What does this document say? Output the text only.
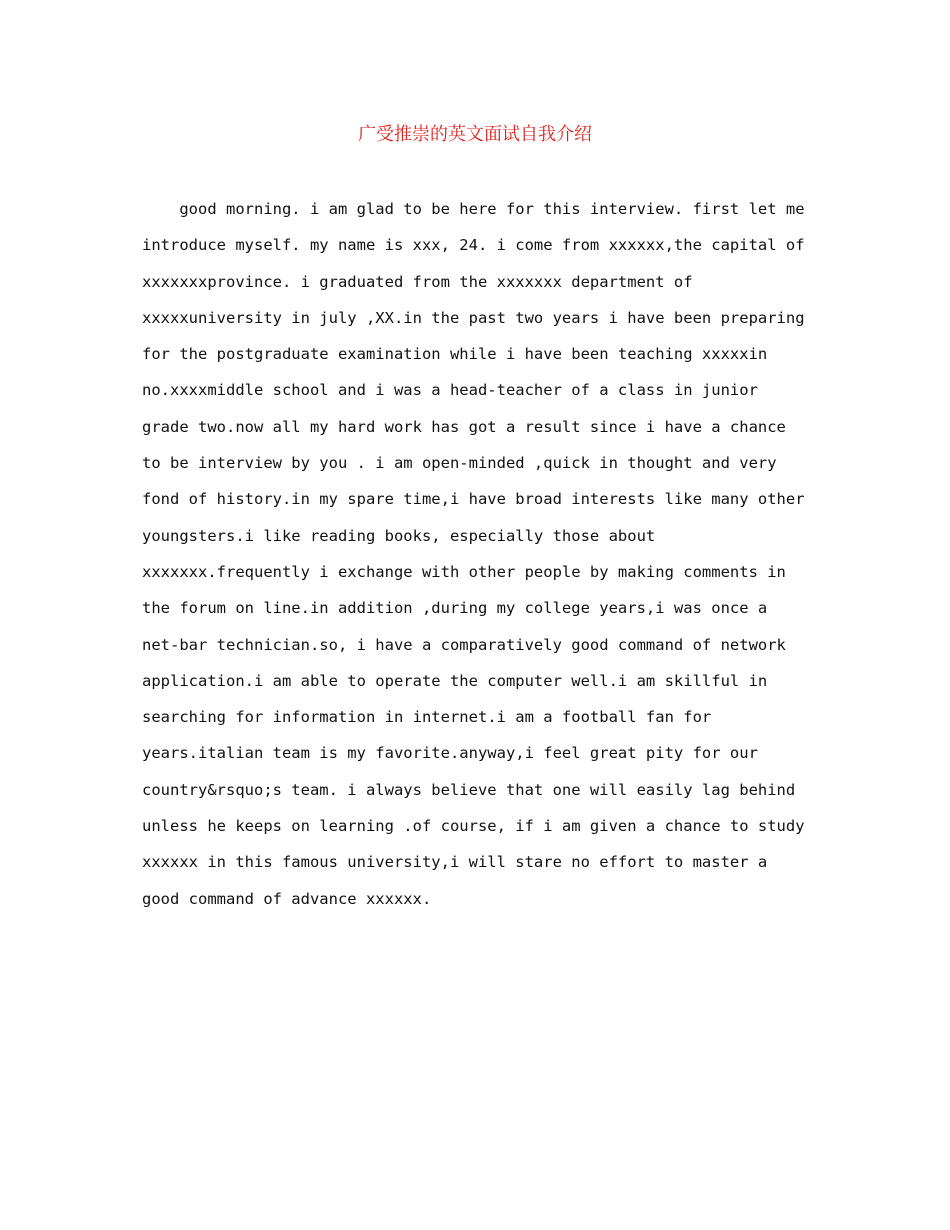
广受推崇的英文面试自我介绍
good morning. i am glad to be here for this interview. first let me
introduce myself. my name is xxx, 24. i come from xxxxxx,the capital of
xxxxxxxprovince. i graduated from the xxxxxxx department of
xxxxxuniversity in july ,XX.in the past two years i have been preparing
for the postgraduate examination while i have been teaching xxxxxin
no.xxxxmiddle school and i was a head-teacher of a class in junior
grade two.now all my hard work has got a result since i have a chance
to be interview by you . i am open-minded ,quick in thought and very
fond of history.in my spare time,i have broad interests like many other
youngsters.i like reading books, especially those about
xxxxxxx.frequently i exchange with other people by making comments in
the forum on line.in addition ,during my college years,i was once a
net-bar technician.so, i have a comparatively good command of network
application.i am able to operate the computer well.i am skillful in
searching for information in internet.i am a football fan for
years.italian team is my favorite.anyway,i feel great pity for our
country&rsquo;s team. i always believe that one will easily lag behind
unless he keeps on learning .of course, if i am given a chance to study
xxxxxx in this famous university,i will stare no effort to master a
good command of advance xxxxxx.
